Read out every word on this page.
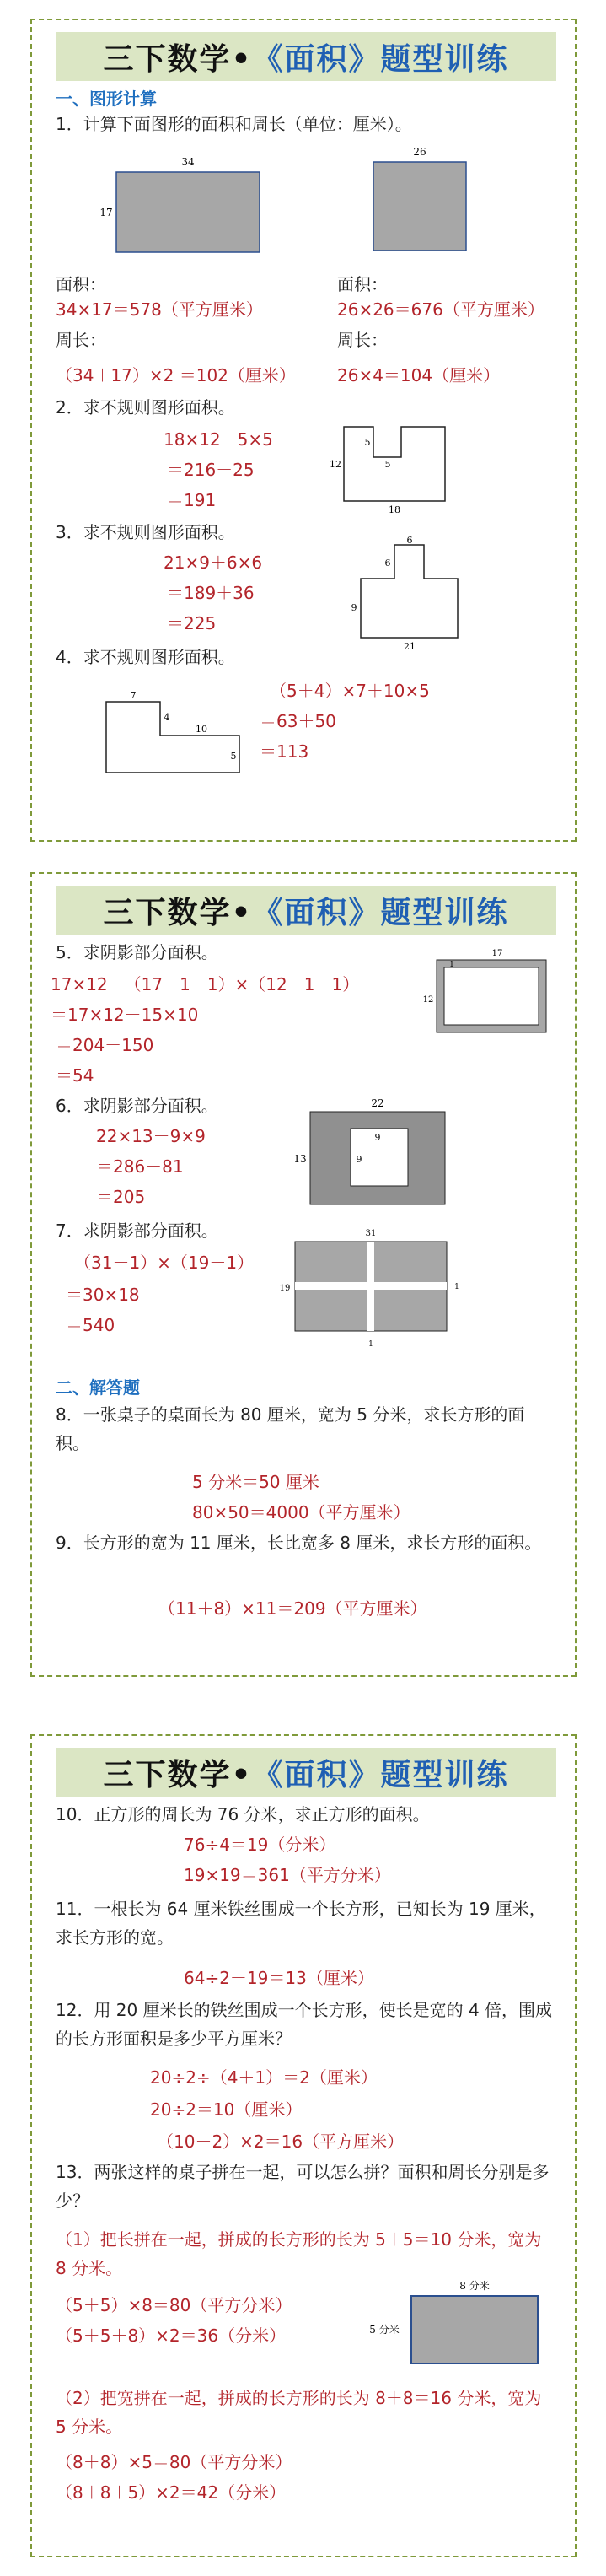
三下数学• 《面积》题型训练
一、图形计算
1．计算下面图形的面积和周长（单位：厘米）。
34
17
26
面积：
34×17＝578（平方厘米）
周长：
（34＋17）×2 ＝102（厘米）
面积：
26×26＝676（平方厘米）
周长：
26×4＝104（厘米）
2．求不规则图形面积。
18×12－5×5
＝216－25
＝191
12
5
5
18
3．求不规则图形面积。
21×9＋6×6
＝189＋36
＝225
6
6
9
21
4．求不规则图形面积。
（5＋4）×7＋10×5
＝63＋50
＝113
7
4
10
5
三下数学• 《面积》题型训练
5．求阴影部分面积。
17×12－（17－1－1）×（12－1－1）
＝17×12－15×10
＝204－150
＝54
17
12
1
6．求阴影部分面积。
22×13－9×9
＝286－81
＝205
22
13
9
9
7．求阴影部分面积。
（31－1）×（19－1）
＝30×18
＝540
31
19	1
1
二、解答题
8．一张桌子的桌面长为 80 厘米，宽为 5 分米，求长方形的面积。
5 分米＝50 厘米
80×50＝4000（平方厘米）
9．长方形的宽为 11 厘米，长比宽多 8 厘米，求长方形的面积。
（11＋8）×11＝209（平方厘米）
三下数学• 《面积》题型训练
10．正方形的周长为 76 分米，求正方形的面积。
76÷4＝19（分米）
19×19＝361（平方分米）
11．一根长为 64 厘米铁丝围成一个长方形，已知长为 19 厘米，求长方形的宽。
64÷2－19＝13（厘米）
12．用 20 厘米长的铁丝围成一个长方形，使长是宽的 4 倍，围成的长方形面积是多少平方厘米？
20÷2÷（4＋1）＝2（厘米）
20÷2＝10（厘米）
（10－2）×2＝16（平方厘米）
13．两张这样的桌子拼在一起，可以怎么拼？面积和周长分别是多少？
（1）把长拼在一起，拼成的长方形的长为 5＋5＝10 分米，宽为 8 分米。
（5＋5）×8＝80（平方分米）
（5＋5＋8）×2＝36（分米）
8 分米
5 分米
（2）把宽拼在一起，拼成的长方形的长为 8＋8＝16 分米，宽为 5 分米。
（8＋8）×5＝80（平方分米）
（8＋8＋5）×2＝42（分米）
